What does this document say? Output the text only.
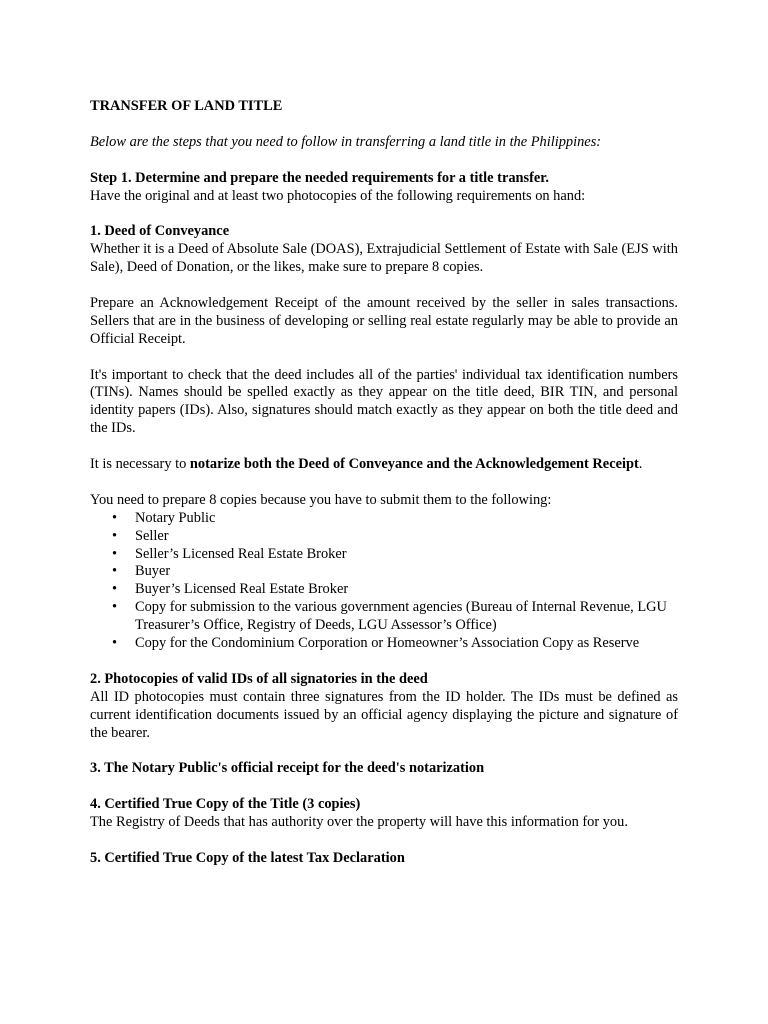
TRANSFER OF LAND TITLE

Below are the steps that you need to follow in transferring a land title in the Philippines:

Step 1. Determine and prepare the needed requirements for a title transfer.

Have the original and at least two photocopies of the following requirements on hand:

1. Deed of Conveyance

Whether it is a Deed of Absolute Sale (DOAS), Extrajudicial Settlement of Estate with Sale (EJS with Sale), Deed of Donation, or the likes, make sure to prepare 8 copies.

Prepare an Acknowledgement Receipt of the amount received by the seller in sales transactions. Sellers that are in the business of developing or selling real estate regularly may be able to provide an Official Receipt.

It's important to check that the deed includes all of the parties' individual tax identification numbers (TINs). Names should be spelled exactly as they appear on the title deed, BIR TIN, and personal identity papers (IDs). Also, signatures should match exactly as they appear on both the title deed and the IDs.

It is necessary to notarize both the Deed of Conveyance and the Acknowledgement Receipt.

You need to prepare 8 copies because you have to submit them to the following:

• Notary Public
• Seller
• Seller’s Licensed Real Estate Broker
• Buyer
• Buyer’s Licensed Real Estate Broker
• Copy for submission to the various government agencies (Bureau of Internal Revenue, LGU Treasurer’s Office, Registry of Deeds, LGU Assessor’s Office)
• Copy for the Condominium Corporation or Homeowner’s Association Copy as Reserve

2. Photocopies of valid IDs of all signatories in the deed

All ID photocopies must contain three signatures from the ID holder. The IDs must be defined as current identification documents issued by an official agency displaying the picture and signature of the bearer.

3. The Notary Public's official receipt for the deed's notarization

4. Certified True Copy of the Title (3 copies)

The Registry of Deeds that has authority over the property will have this information for you.

5. Certified True Copy of the latest Tax Declaration
